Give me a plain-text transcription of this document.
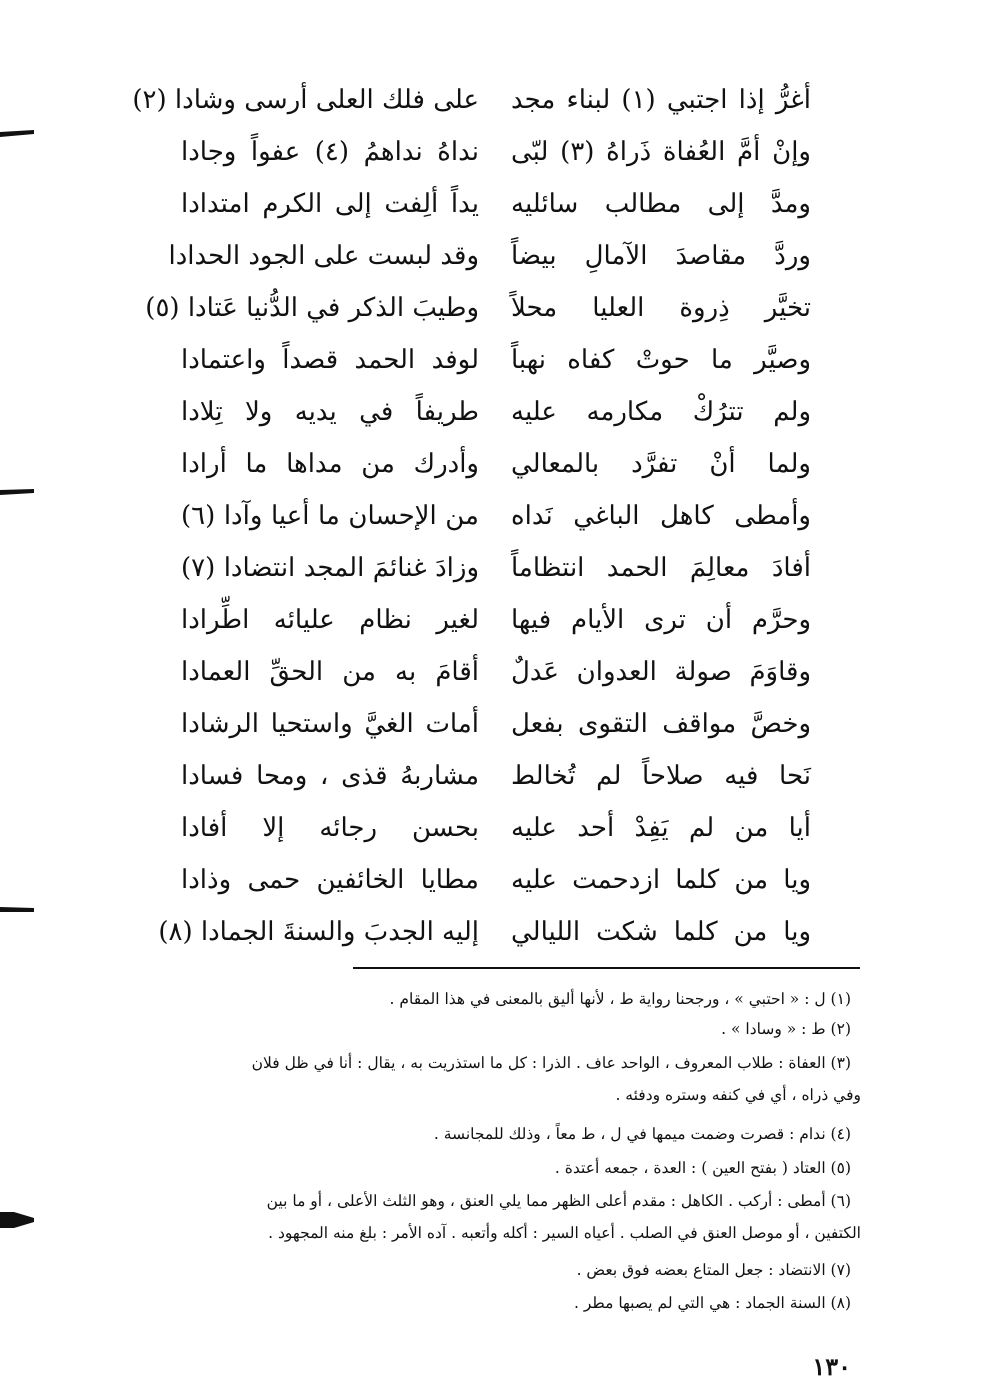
أغرُّ إذا اجتبي (١) لبناء مجد
على فلك العلى أرسى وشادا (٢)
وإنْ أمَّ العُفاة ذَراهُ (٣) لبّى
نداهُ نداهمُ (٤) عفواً وجادا
ومدَّ إلى مطالب سائليه
يداً ألِفت إلى الكرم امتدادا
وردَّ مقاصدَ الآمالِ بيضاً
وقد لبست على الجود الحدادا
تخيَّر ذِروة العليا محلاً
وطيبَ الذكر في الدُّنيا عَتادا (٥)
وصيَّر ما حوتْ كفاه نهباً
لوفد الحمد قصداً واعتمادا
ولم تترُكْ مكارمه عليه
طريفاً في يديه ولا تِلادا
ولما أنْ تفرَّد بالمعالي
وأدرك من مداها ما أرادا
وأمطى كاهل الباغي نَداه
من الإحسان ما أعيا وآدا (٦)
أفادَ معالِمَ الحمد انتظاماً
وزادَ غنائمَ المجد انتضادا (٧)
وحرَّم أن ترى الأيام فيها
لغير نظام عليائه اطِّرادا
وقاوَمَ صولة العدوان عَدلٌ
أقامَ به من الحقِّ العمادا
وخصَّ مواقف التقوى بفعل
أمات الغيَّ واستحيا الرشادا
نَحا فيه صلاحاً لم تُخالط
مشاربهُ قذى ، ومحا فسادا
أيا من لم يَفِدْ أحد عليه
بحسن رجائه إلا أفادا
ويا من كلما ازدحمت عليه
مطايا الخائفين حمى وذادا
ويا من كلما شكت الليالي
إليه الجدبَ والسنةَ الجمادا (٨)
(١) ل : « احتبي » ، ورجحنا رواية ط ، لأنها أليق بالمعنى في هذا المقام .
(٢) ط : « وسادا » .
(٣) العفاة : طلاب المعروف ، الواحد عاف . الذرا : كل ما استذريت به ، يقال : أنا في ظل فلان
وفي ذراه ، أي في كنفه وستره ودفئه .
(٤) ندام : قصرت وضمت ميمها في ل ، ط معاً ، وذلك للمجانسة .
(٥) العتاد ( بفتح العين ) : العدة ، جمعه أعتدة .
(٦) أمطى : أركب . الكاهل : مقدم أعلى الظهر مما يلي العنق ، وهو الثلث الأعلى ، أو ما بين
الكتفين ، أو موصل العنق في الصلب . أعياه السير : أكله وأتعبه . آده الأمر : بلغ منه المجهود .
(٧) الانتضاد : جعل المتاع بعضه فوق بعض .
(٨) السنة الجماد : هي التي لم يصبها مطر .
١٣٠
